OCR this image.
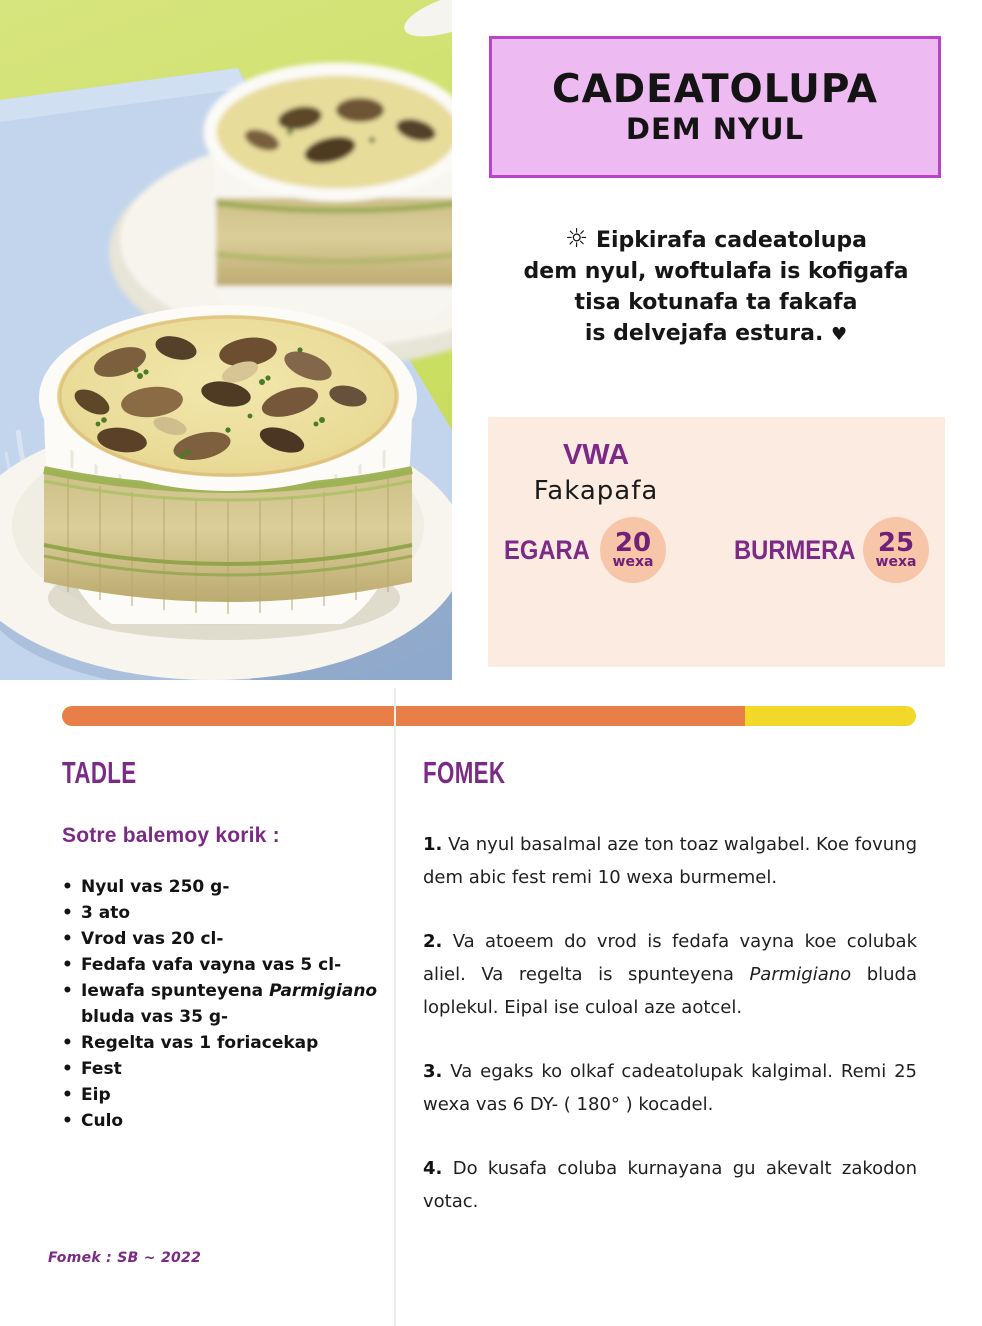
CADEATOLUPA
DEM NYUL
☼ Eipkirafa cadeatolupa
dem nyul, woftulafa is kofigafa
tisa kotunafa ta fakafa
is delvejafa estura. ♥
VWA
Fakapafa
EGARA 20
wexa	BURMERA 25
wexa
TADLE
Sotre balemoy korik :
• Nyul vas 250 g-
• 3 ato
• Vrod vas 20 cl-
• Fedafa vafa vayna vas 5 cl-
• Iewafa spunteyena Parmigiano bluda vas 35 g-
• Regelta vas 1 foriacekap
• Fest
• Eip
• Culo
FOMEK

1. Va nyul basalmal aze ton toaz walgabel. Koe fovung dem abic fest remi 10 wexa burmemel.

2. Va atoeem do vrod is fedafa vayna koe colubak aliel. Va regelta is spunteyena Parmigiano bluda loplekul. Eipal ise culoal aze aotcel.

3. Va egaks ko olkaf cadeatolupak kalgimal. Remi 25 wexa vas 6 DY- ( 180° ) kocadel.

4. Do kusafa coluba kurnayana gu akevalt zakodon votac.

Fomek : SB ~ 2022
